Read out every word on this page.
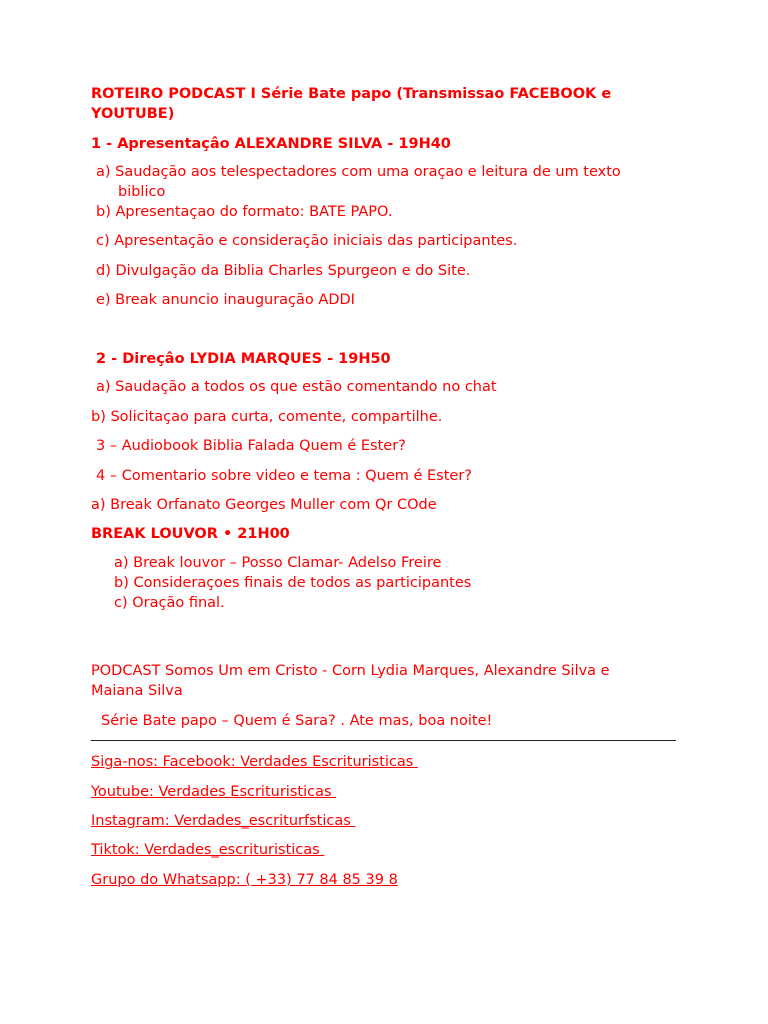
ROTEIRO PODCAST I Série Bate papo (Transmissao FACEBOOK e
YOUTUBE)
1 - Apresentaçâo ALEXANDRE SILVA - 19H40
a) Saudação aos telespectadores com uma oraçao e leitura de um texto
biblico
b) Apresentaçao do formato: BATE PAPO.
c) Apresentação e consideração iniciais das participantes.
d) Divulgação da Biblia Charles Spurgeon e do Site.
e) Break anuncio inauguração ADDI
2 - Direçâo LYDIA MARQUES - 19H50
a) Saudação a todos os que estão comentando no chat
b) Solicitaçao para curta, comente, compartilhe.
3 – Audiobook Biblia Falada Quem é Ester?
4 – Comentario sobre video e tema : Quem é Ester?
a) Break Orfanato Georges Muller com Qr COde
BREAK LOUVOR • 21H00
a) Break louvor – Posso Clamar- Adelso Freire
b) Consideraçoes finais de todos as participantes
c) Oração final.
PODCAST Somos Um em Cristo - Corn Lydia Marques, Alexandre Silva e
Maiana Silva
Série Bate papo – Quem é Sara? . Ate mas, boa noite!
Siga-nos: Facebook: Verdades Escrituristicas
Youtube: Verdades Escrituristicas
Instagram: Verdades_escriturfsticas
Tiktok: Verdades_escrituristicas
Grupo do Whatsapp: ( +33) 77 84 85 39 8
